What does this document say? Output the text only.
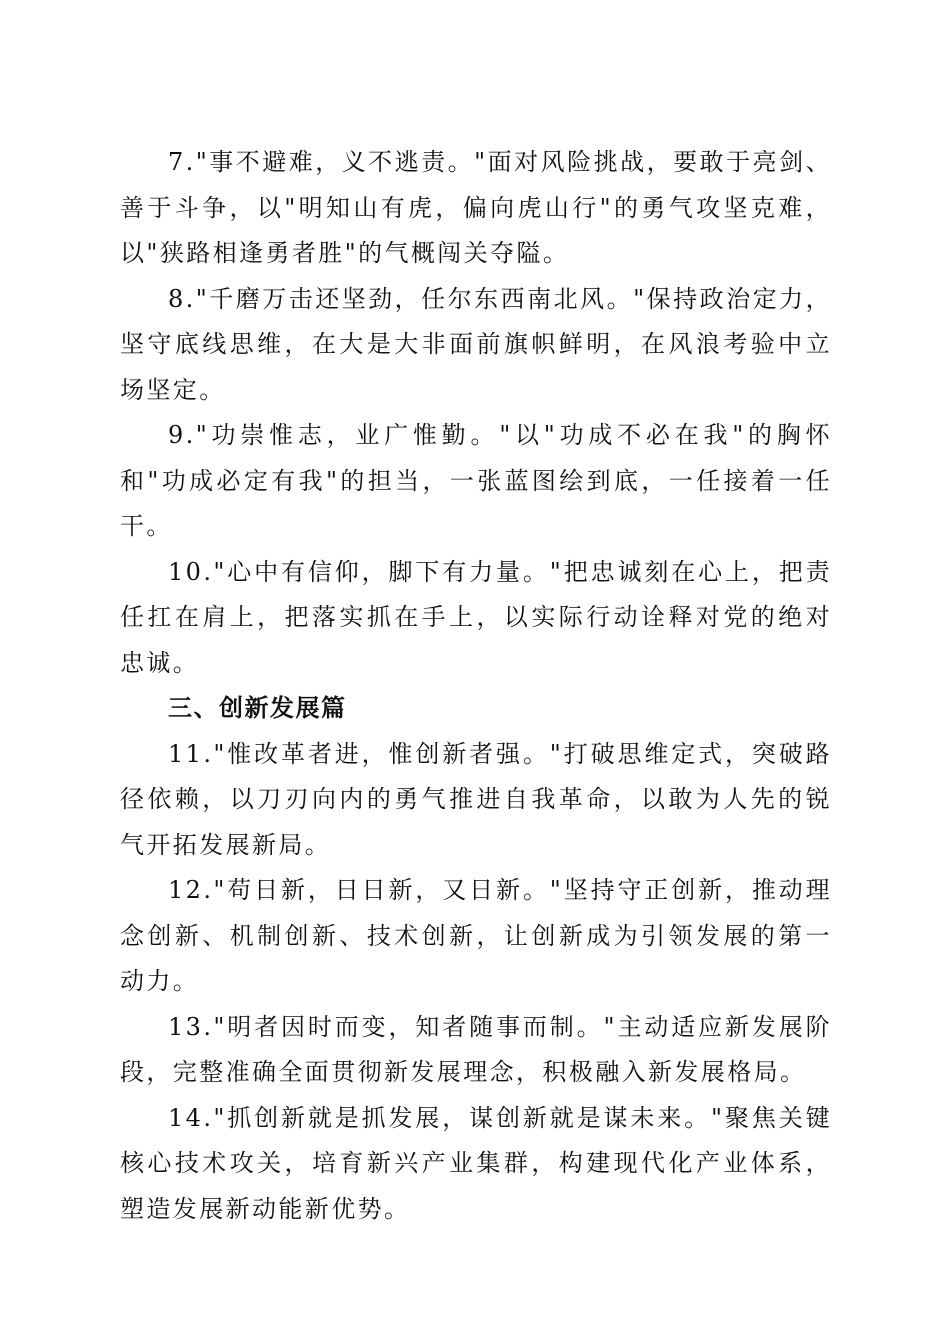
7."事不避难，义不逃责。"面对风险挑战，要敢于亮剑、善于斗争，以"明知山有虎，偏向虎山行"的勇气攻坚克难，以"狭路相逢勇者胜"的气概闯关夺隘。

8."千磨万击还坚劲，任尔东西南北风。"保持政治定力，坚守底线思维，在大是大非面前旗帜鲜明，在风浪考验中立场坚定。

9."功崇惟志，业广惟勤。"以"功成不必在我"的胸怀和"功成必定有我"的担当，一张蓝图绘到底，一任接着一任干。

10."心中有信仰，脚下有力量。"把忠诚刻在心上，把责任扛在肩上，把落实抓在手上，以实际行动诠释对党的绝对忠诚。

三、创新发展篇

11."惟改革者进，惟创新者强。"打破思维定式，突破路径依赖，以刀刃向内的勇气推进自我革命，以敢为人先的锐气开拓发展新局。

12."苟日新，日日新，又日新。"坚持守正创新，推动理念创新、机制创新、技术创新，让创新成为引领发展的第一动力。

13."明者因时而变，知者随事而制。"主动适应新发展阶段，完整准确全面贯彻新发展理念，积极融入新发展格局。

14."抓创新就是抓发展，谋创新就是谋未来。"聚焦关键核心技术攻关，培育新兴产业集群，构建现代化产业体系，塑造发展新动能新优势。
